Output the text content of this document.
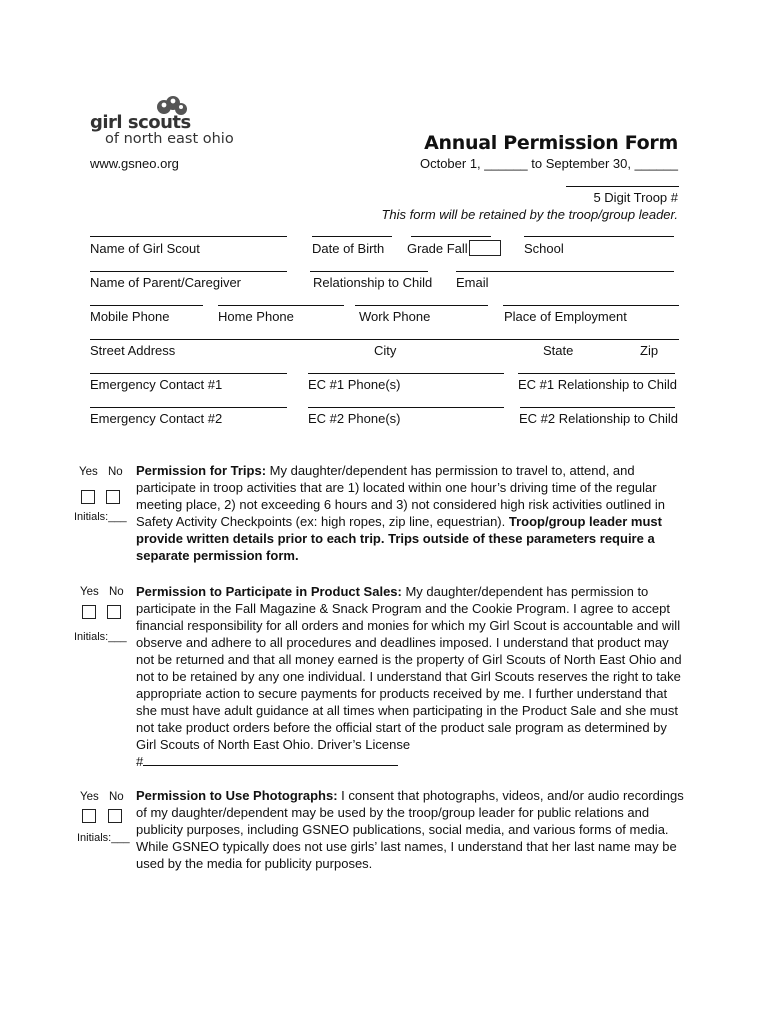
girl scouts
of north east ohio
www.gsneo.org
Annual Permission Form
October 1, ______ to September 30, ______
5 Digit Troop #
This form will be retained by the troop/group leader.
Name of Girl Scout	Date of Birth Grade Fall	School
Name of Parent/Caregiver	Relationship to Child Email
Mobile Phone	Home Phone	Work Phone	Place of Employment
Street Address	City	State	Zip
Emergency Contact #1	EC #1 Phone(s)	EC #1 Relationship to Child
Emergency Contact #2	EC #2 Phone(s)	EC #2 Relationship to Child
Yes No
Initials:___
Permission for Trips: My daughter/dependent has permission to travel to, attend, and participate in troop activities that are 1) located within one hour’s driving time of the regular meeting place, 2) not exceeding 6 hours and 3) not considered high risk activities outlined in Safety Activity Checkpoints (ex: high ropes, zip line, equestrian). Troop/group leader must provide written details prior to each trip. Trips outside of these parameters require a separate permission form.
Yes No
Initials:___
Permission to Participate in Product Sales: My daughter/dependent has permission to participate in the Fall Magazine & Snack Program and the Cookie Program. I agree to accept financial responsibility for all orders and monies for which my Girl Scout is accountable and will observe and adhere to all procedures and deadlines imposed. I understand that product may not be returned and that all money earned is the property of Girl Scouts of North East Ohio and not to be retained by any one individual. I understand that Girl Scouts reserves the right to take appropriate action to secure payments for products received by me. I further understand that she must have adult guidance at all times when participating in the Product Sale and she must not take product orders before the official start of the product sale program as determined by Girl Scouts of North East Ohio. Driver’s License
#
Yes No
Initials:___
Permission to Use Photographs: I consent that photographs, videos, and/or audio recordings of my daughter/dependent may be used by the troop/group leader for public relations and publicity purposes, including GSNEO publications, social media, and various forms of media. While GSNEO typically does not use girls’ last names, I understand that her last name may be used by the media for publicity purposes.
